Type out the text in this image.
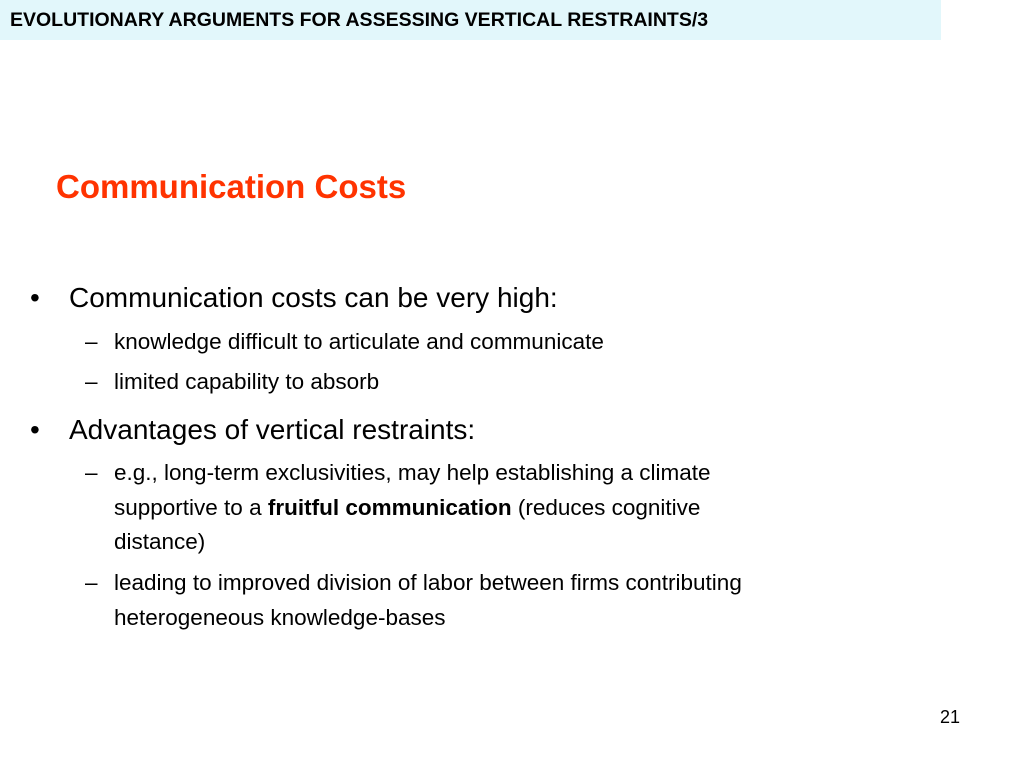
EVOLUTIONARY ARGUMENTS FOR ASSESSING VERTICAL RESTRAINTS/3
Communication Costs
•	Communication costs can be very high:
– knowledge difficult to articulate and communicate
– limited capability to absorb
•	Advantages of vertical restraints:
– e.g., long-term exclusivities, may help establishing a climate
supportive to a fruitful communication (reduces cognitive
distance)
– leading to improved division of labor between firms contributing
heterogeneous knowledge-bases
21
